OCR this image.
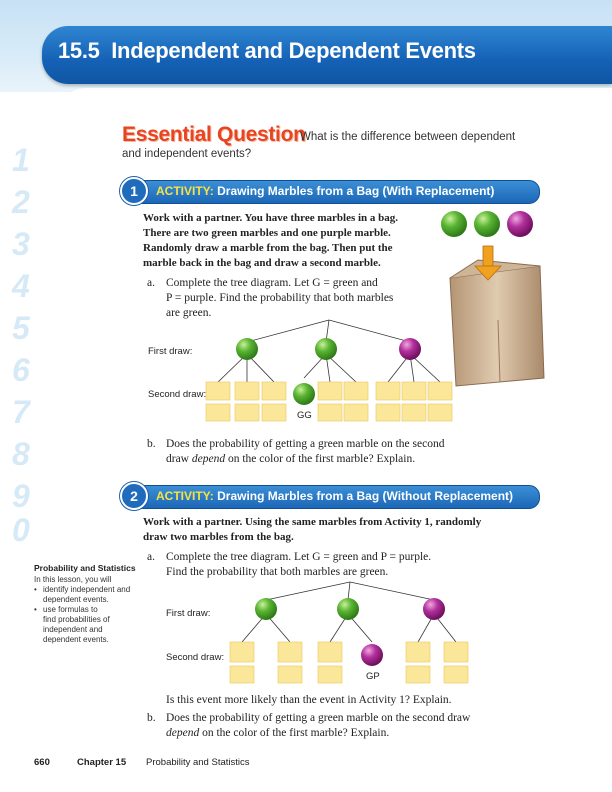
1
2
3
4
5
6
7
8
9
0
15.5 Independent and Dependent Events
Essential Question
What is the difference between dependent
and independent events?
1	ACTIVITY: Drawing Marbles from a Bag (With Replacement)
Work with a partner. You have three marbles in a bag.
There are two green marbles and one purple marble.
Randomly draw a marble from the bag. Then put the
marble back in the bag and draw a second marble.
a. Complete the tree diagram. Let G = green and
P = purple. Find the probability that both marbles
are green.
First draw:
Second draw:
GG
b. Does the probability of getting a green marble on the second
draw depend on the color of the first marble? Explain.
2	ACTIVITY: Drawing Marbles from a Bag (Without Replacement)
Work with a partner. Using the same marbles from Activity 1, randomly
draw two marbles from the bag.
a. Complete the tree diagram. Let G = green and P = purple.
Find the probability that both marbles are green.
Probability and Statistics
In this lesson, you will
• identify independent and
dependent events.
• use formulas to
find probabilities of
independent and
dependent events.
First draw:
Second draw:
GP
Is this event more likely than the event in Activity 1? Explain.
b. Does the probability of getting a green marble on the second draw
depend on the color of the first marble? Explain.
660	Chapter 15 Probability and Statistics
